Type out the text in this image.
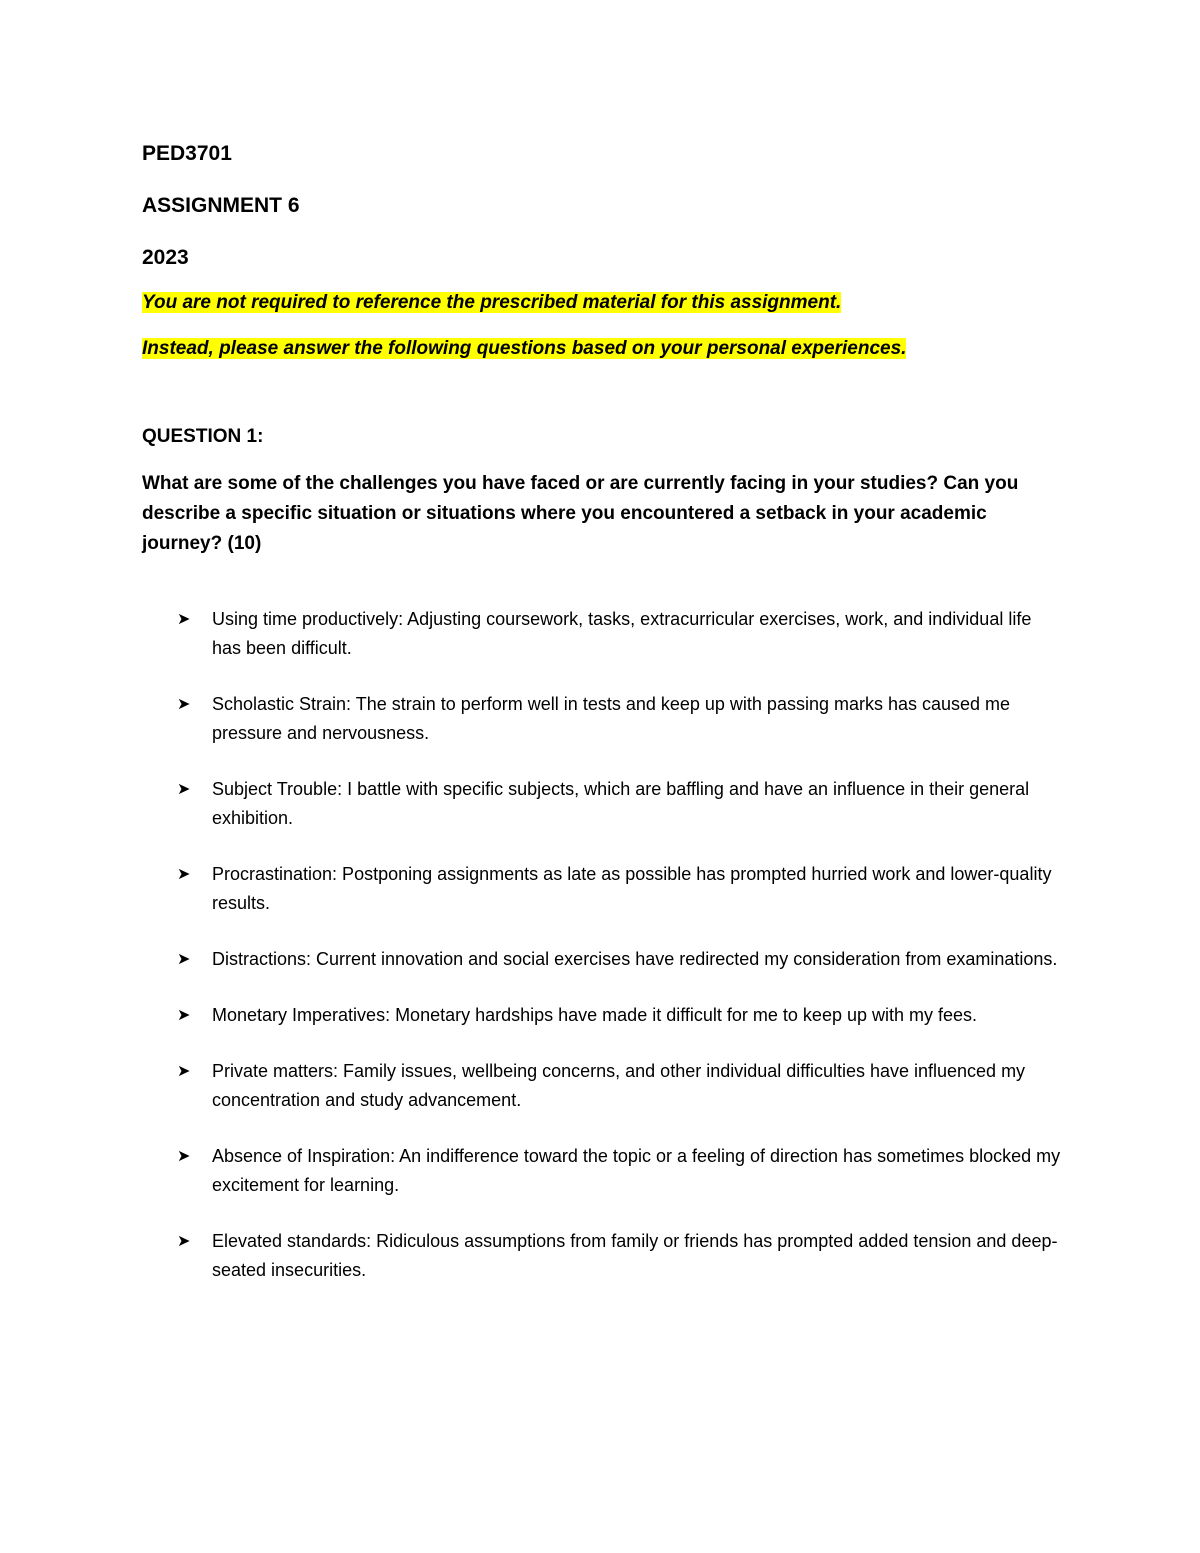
PED3701

ASSIGNMENT 6

2023

You are not required to reference the prescribed material for this assignment.

Instead, please answer the following questions based on your personal experiences.

QUESTION 1:

What are some of the challenges you have faced or are currently facing in your studies? Can you describe a specific situation or situations where you encountered a setback in your academic journey? (10)

➤ Using time productively: Adjusting coursework, tasks, extracurricular exercises, work, and individual life has been difficult.
➤ Scholastic Strain: The strain to perform well in tests and keep up with passing marks has caused me pressure and nervousness.
➤ Subject Trouble: I battle with specific subjects, which are baffling and have an influence in their general exhibition.
➤ Procrastination: Postponing assignments as late as possible has prompted hurried work and lower-quality results.
➤ Distractions: Current innovation and social exercises have redirected my consideration from examinations.
➤ Monetary Imperatives: Monetary hardships have made it difficult for me to keep up with my fees.
➤ Private matters: Family issues, wellbeing concerns, and other individual difficulties have influenced my concentration and study advancement.
➤ Absence of Inspiration: An indifference toward the topic or a feeling of direction has sometimes blocked my excitement for learning.
➤ Elevated standards: Ridiculous assumptions from family or friends has prompted added tension and deep-seated insecurities.
